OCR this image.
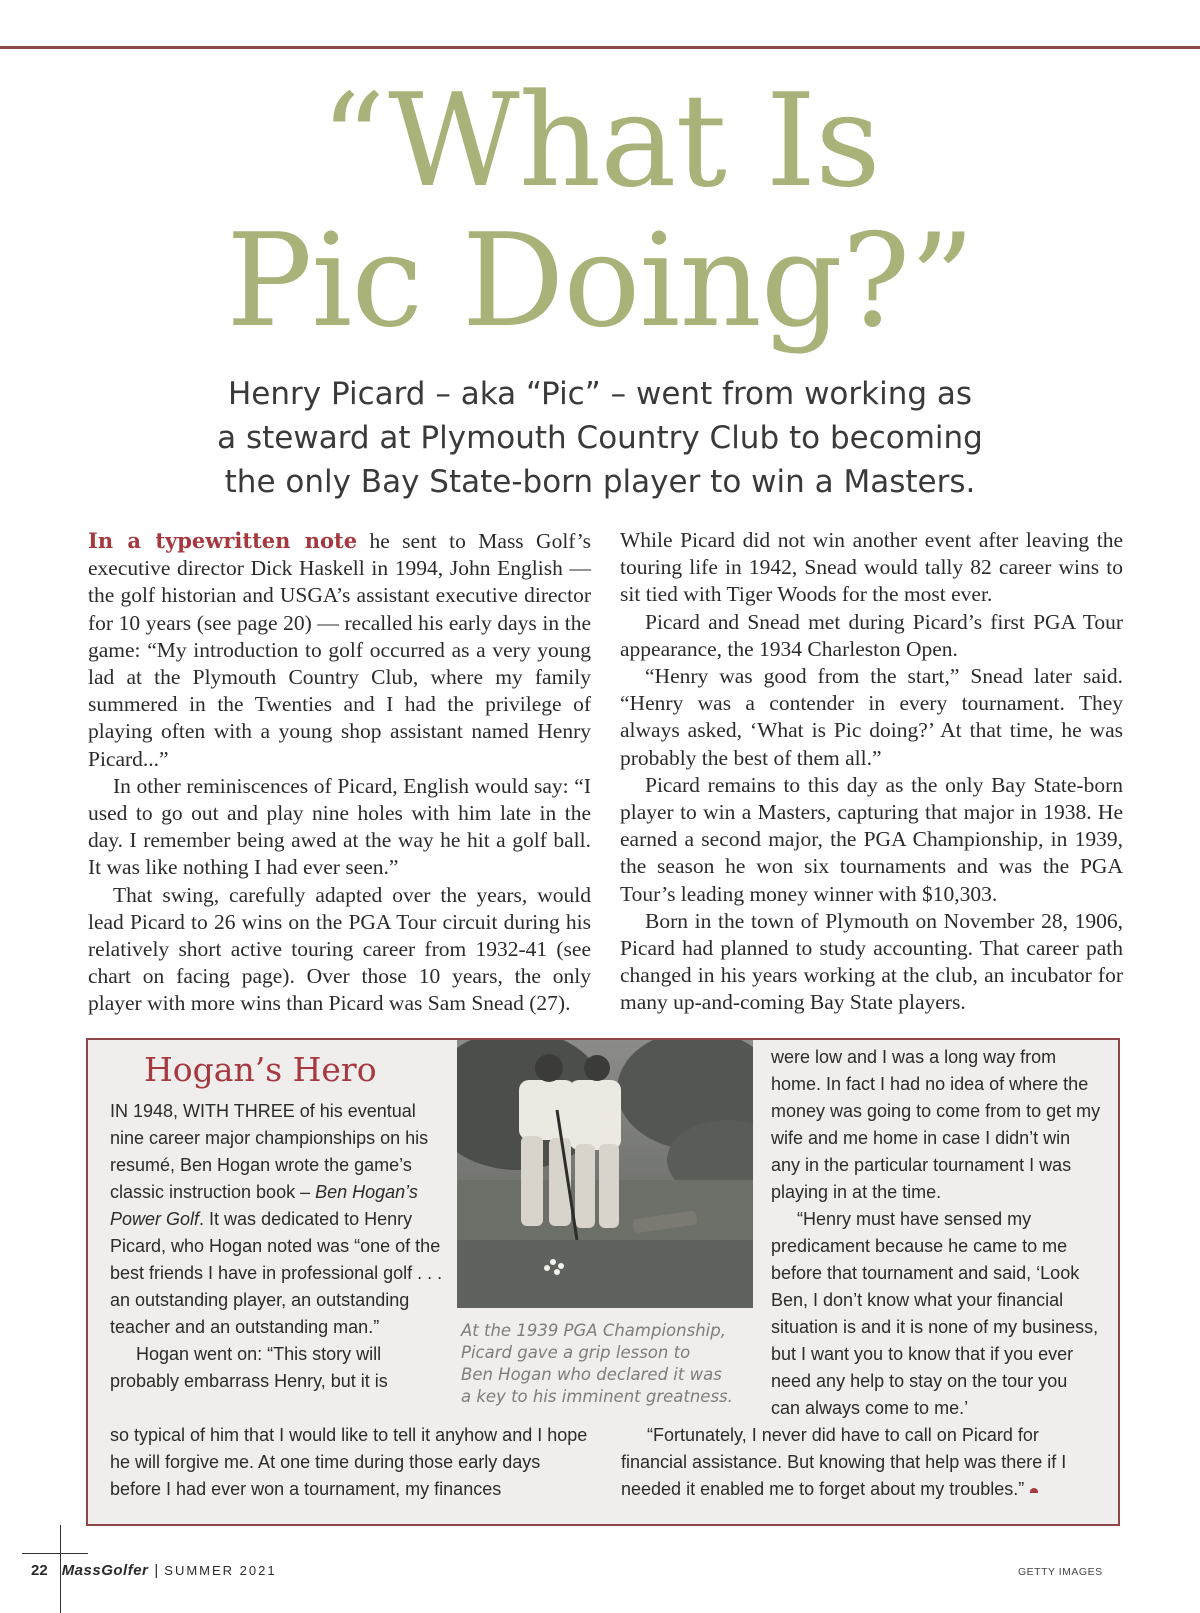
“What Is
Pic Doing?”

Henry Picard – aka “Pic” – went from working as

a steward at Plymouth Country Club to becoming

the only Bay State-born player to win a Masters.

In a typewritten note he sent to Mass Golf’s executive director Dick Haskell in 1994, John English — the golf historian and USGA’s assistant executive director for 10 years (see page 20) — recalled his early days in the game: “My introduction to golf occurred as a very young lad at the Plymouth Country Club, where my family summered in the Twenties and I had the privilege of playing often with a young shop assistant named Henry Picard...”

In other reminiscences of Picard, English would say: “I used to go out and play nine holes with him late in the day. I remember being awed at the way he hit a golf ball. It was like nothing I had ever seen.”

That swing, carefully adapted over the years, would lead Picard to 26 wins on the PGA Tour circuit during his relatively short active touring career from 1932-41 (see chart on facing page). Over those 10 years, the only player with more wins than Picard was Sam Snead (27).

While Picard did not win another event after leaving the touring life in 1942, Snead would tally 82 career wins to sit tied with Tiger Woods for the most ever.

Picard and Snead met during Picard’s first PGA Tour appearance, the 1934 Charleston Open.

“Henry was good from the start,” Snead later said. “Henry was a contender in every tournament. They always asked, ‘What is Pic doing?’ At that time, he was probably the best of them all.”

Picard remains to this day as the only Bay State-born player to win a Masters, capturing that major in 1938. He earned a second major, the PGA Championship, in 1939, the season he won six tournaments and was the PGA Tour’s leading money winner with $10,303.

Born in the town of Plymouth on November 28, 1906, Picard had planned to study accounting. That career path changed in his years working at the club, an incubator for many up-and-coming Bay State players.

Hogan’s Hero

IN 1948, WITH THREE of his eventual nine career major championships on his resumé, Ben Hogan wrote the game’s classic instruction book – Ben Hogan’s Power Golf. It was dedicated to Henry Picard, who Hogan noted was “one of the best friends I have in professional golf . . . an outstanding player, an outstanding teacher and an outstanding man.”

Hogan went on: “This story will probably embarrass Henry, but it is

so typical of him that I would like to tell it anyhow and I hope he will forgive me. At one time during those early days before I had ever won a tournament, my finances

At the 1939 PGA Championship,

Picard gave a grip lesson to

Ben Hogan who declared it was

a key to his imminent greatness.

were low and I was a long way from home. In fact I had no idea of where the money was going to come from to get my wife and me home in case I didn’t win any in the particular tournament I was playing in at the time.

“Henry must have sensed my predicament because he came to me before that tournament and said, ‘Look Ben, I don’t know what your financial situation is and it is none of my business, but I want you to know that if you ever need any help to stay on the tour you can always come to me.’

“Fortunately, I never did have to call on Picard for financial assistance. But knowing that help was there if I needed it enabled me to forget about my troubles.”

22 MassGolfer | SUMMER 2021	GETTY IMAGES
